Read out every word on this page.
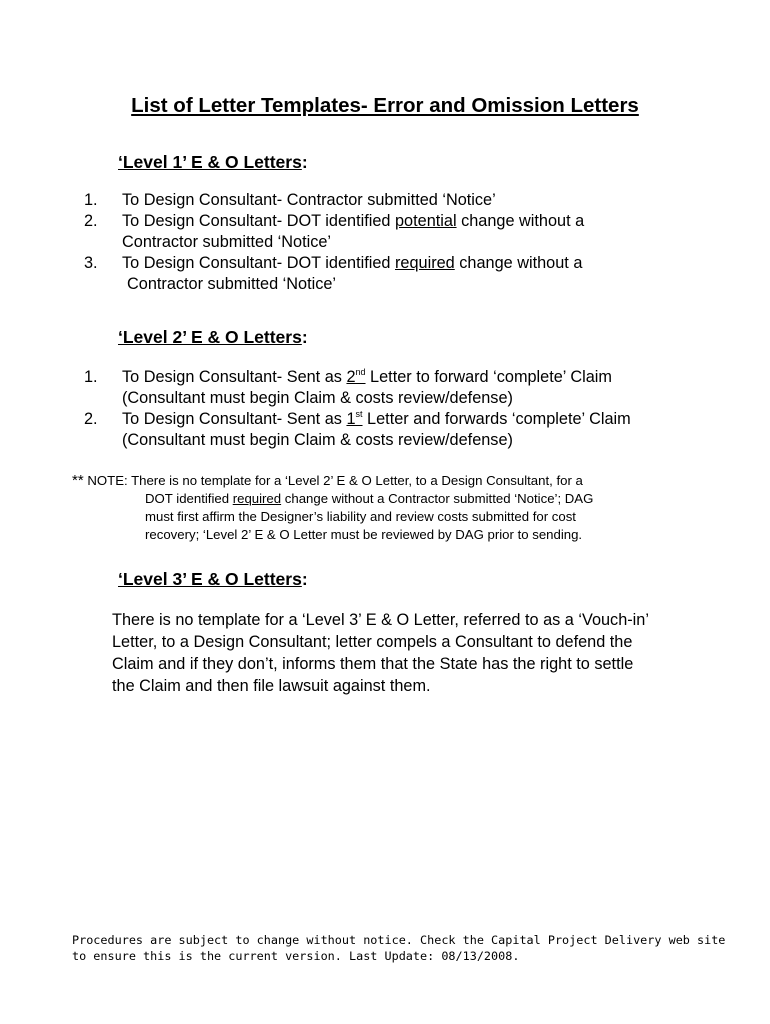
List of Letter Templates- Error and Omission Letters
‘Level 1’ E & O Letters:
1. To Design Consultant- Contractor submitted ‘Notice’
2. To Design Consultant- DOT identified potential change without a
Contractor submitted ‘Notice’
3. To Design Consultant- DOT identified required change without a
Contractor submitted ‘Notice’
‘Level 2’ E & O Letters:
1. To Design Consultant- Sent as 2nd Letter to forward ‘complete’ Claim
(Consultant must begin Claim & costs review/defense)
2. To Design Consultant- Sent as 1st Letter and forwards ‘complete’ Claim
(Consultant must begin Claim & costs review/defense)
** NOTE: There is no template for a ‘Level 2’ E & O Letter, to a Design Consultant, for a
DOT identified required change without a Contractor submitted ‘Notice’; DAG
must first affirm the Designer’s liability and review costs submitted for cost
recovery; ‘Level 2’ E & O Letter must be reviewed by DAG prior to sending.
‘Level 3’ E & O Letters:
There is no template for a ‘Level 3’ E & O Letter, referred to as a ‘Vouch-in’
Letter, to a Design Consultant; letter compels a Consultant to defend the
Claim and if they don’t, informs them that the State has the right to settle
the Claim and then file lawsuit against them.
Procedures are subject to change without notice. Check the Capital Project Delivery web site
to ensure this is the current version. Last Update: 08/13/2008.
